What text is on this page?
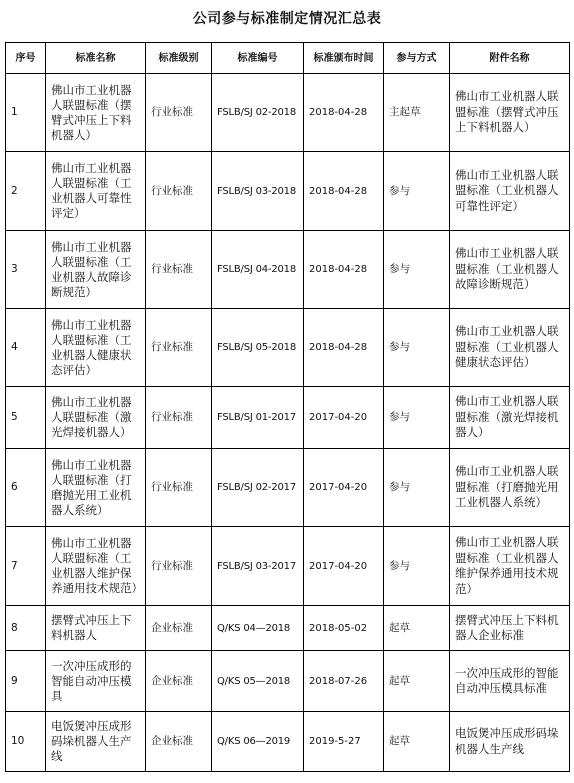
公司参与标准制定情况汇总表
序号	标准名称	标准级别	标准编号	标准颁布时间	参与方式	附件名称
1	佛山市工业机器人联盟标准（摆臂式冲压上下料机器人）	行业标准	FSLB/SJ 02-2018	2018-04-28	主起草	佛山市工业机器人联盟标准（摆臂式冲压上下料机器人）
2	佛山市工业机器人联盟标准（工业机器人可靠性评定）	行业标准	FSLB/SJ 03-2018	2018-04-28	参与	佛山市工业机器人联盟标准（工业机器人可靠性评定）
3	佛山市工业机器人联盟标准（工业机器人故障诊断规范）	行业标准	FSLB/SJ 04-2018	2018-04-28	参与	佛山市工业机器人联盟标准（工业机器人故障诊断规范）
4	佛山市工业机器人联盟标准（工业机器人健康状态评估）	行业标准	FSLB/SJ 05-2018	2018-04-28	参与	佛山市工业机器人联盟标准（工业机器人健康状态评估）
5	佛山市工业机器人联盟标准（激光焊接机器人）	行业标准	FSLB/SJ 01-2017	2017-04-20	参与	佛山市工业机器人联盟标准（激光焊接机器人）
6	佛山市工业机器人联盟标准（打磨抛光用工业机器人系统）	行业标准	FSLB/SJ 02-2017	2017-04-20	参与	佛山市工业机器人联盟标准（打磨抛光用工业机器人系统）
7	佛山市工业机器人联盟标准（工业机器人维护保养通用技术规范）	行业标准	FSLB/SJ 03-2017	2017-04-20	参与	佛山市工业机器人联盟标准（工业机器人维护保养通用技术规范）
8	摆臂式冲压上下料机器人	企业标准	Q/KS 04—2018	2018-05-02	起草	摆臂式冲压上下料机器人企业标准
9	一次冲压成形的智能自动冲压模具	企业标准	Q/KS 05—2018	2018-07-26	起草	一次冲压成形的智能自动冲压模具标准
10	电饭煲冲压成形码垛机器人生产线	企业标准	Q/KS 06—2019	2019-5-27	起草	电饭煲冲压成形码垛机器人生产线
